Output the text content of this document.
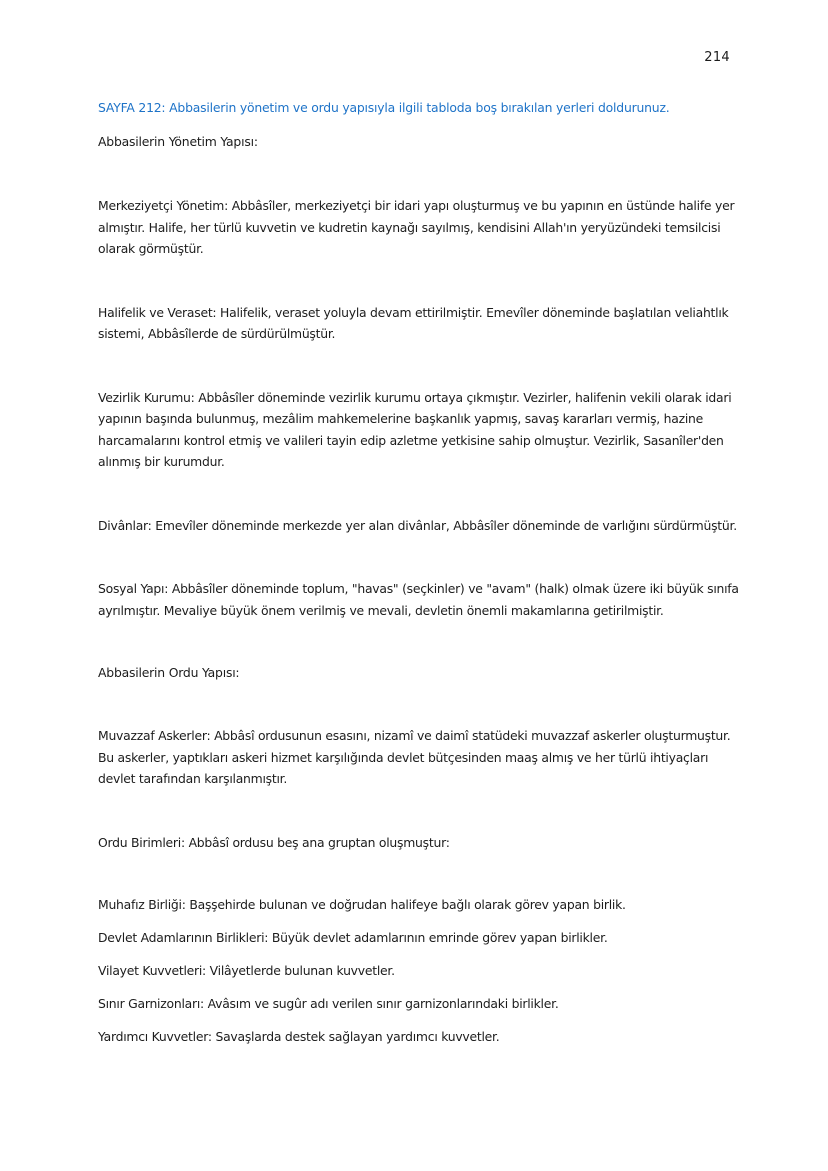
214

SAYFA 212: Abbasilerin yönetim ve ordu yapısıyla ilgili tabloda boş bırakılan yerleri doldurunuz.

Abbasilerin Yönetim Yapısı:

Merkeziyetçi Yönetim: Abbâsîler, merkeziyetçi bir idari yapı oluşturmuş ve bu yapının en üstünde halife yer almıştır. Halife, her türlü kuvvetin ve kudretin kaynağı sayılmış, kendisini Allah'ın yeryüzündeki temsilcisi olarak görmüştür.

Halifelik ve Veraset: Halifelik, veraset yoluyla devam ettirilmiştir. Emevîler döneminde başlatılan veliahtlık sistemi, Abbâsîlerde de sürdürülmüştür.

Vezirlik Kurumu: Abbâsîler döneminde vezirlik kurumu ortaya çıkmıştır. Vezirler, halifenin vekili olarak idari yapının başında bulunmuş, mezâlim mahkemelerine başkanlık yapmış, savaş kararları vermiş, hazine harcamalarını kontrol etmiş ve valileri tayin edip azletme yetkisine sahip olmuştur. Vezirlik, Sasanîler'den alınmış bir kurumdur.

Divânlar: Emevîler döneminde merkezde yer alan divânlar, Abbâsîler döneminde de varlığını sürdürmüştür.

Sosyal Yapı: Abbâsîler döneminde toplum, "havas" (seçkinler) ve "avam" (halk) olmak üzere iki büyük sınıfa ayrılmıştır. Mevaliye büyük önem verilmiş ve mevali, devletin önemli makamlarına getirilmiştir.

Abbasilerin Ordu Yapısı:

Muvazzaf Askerler: Abbâsî ordusunun esasını, nizamî ve daimî statüdeki muvazzaf askerler oluşturmuştur. Bu askerler, yaptıkları askeri hizmet karşılığında devlet bütçesinden maaş almış ve her türlü ihtiyaçları devlet tarafından karşılanmıştır.

Ordu Birimleri: Abbâsî ordusu beş ana gruptan oluşmuştur:

Muhafız Birliği: Başşehirde bulunan ve doğrudan halifeye bağlı olarak görev yapan birlik.

Devlet Adamlarının Birlikleri: Büyük devlet adamlarının emrinde görev yapan birlikler.

Vilayet Kuvvetleri: Vilâyetlerde bulunan kuvvetler.

Sınır Garnizonları: Avâsım ve sugûr adı verilen sınır garnizonlarındaki birlikler.

Yardımcı Kuvvetler: Savaşlarda destek sağlayan yardımcı kuvvetler.
